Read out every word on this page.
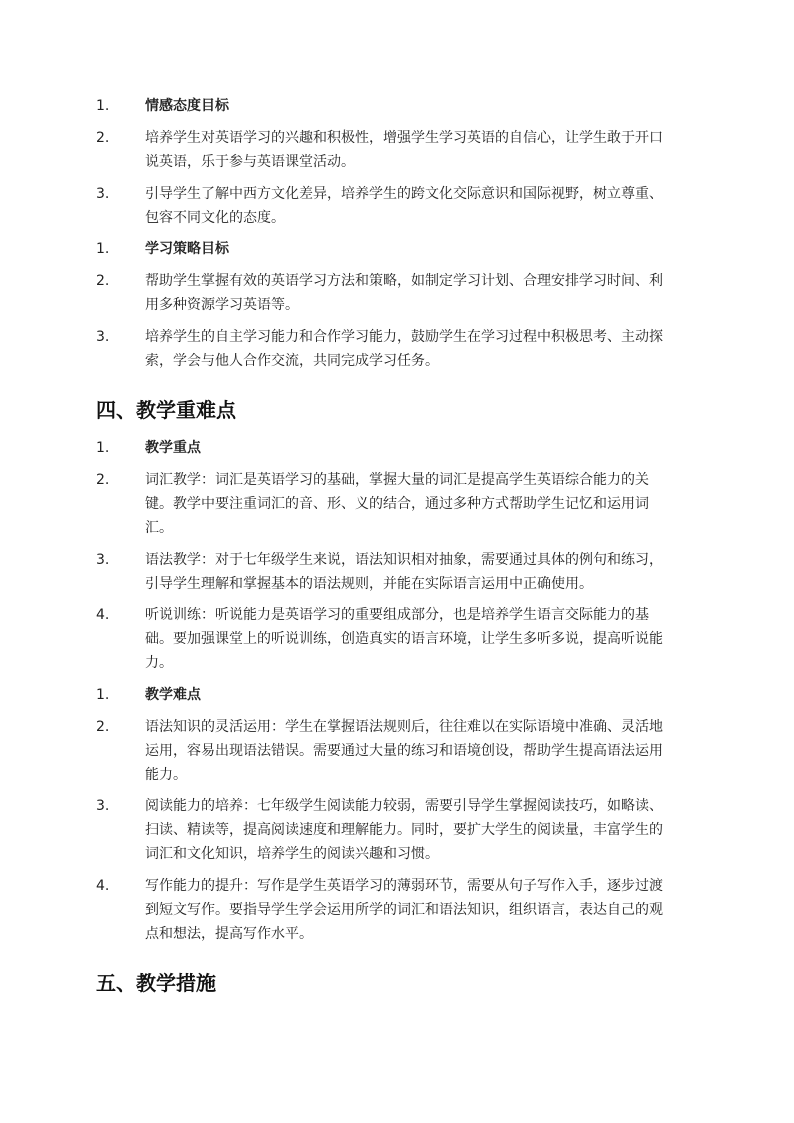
1.	情感态度目标
2.	培养学生对英语学习的兴趣和积极性，增强学生学习英语的自信心，让学生敢于开口
说英语，乐于参与英语课堂活动。
3.	引导学生了解中西方文化差异，培养学生的跨文化交际意识和国际视野，树立尊重、
包容不同文化的态度。
1.	学习策略目标
2.	帮助学生掌握有效的英语学习方法和策略，如制定学习计划、合理安排学习时间、利
用多种资源学习英语等。
3.	培养学生的自主学习能力和合作学习能力，鼓励学生在学习过程中积极思考、主动探
索，学会与他人合作交流，共同完成学习任务。
四、教学重难点
1.	教学重点
2.	词汇教学：词汇是英语学习的基础，掌握大量的词汇是提高学生英语综合能力的关
键。教学中要注重词汇的音、形、义的结合，通过多种方式帮助学生记忆和运用词
汇。
3.	语法教学：对于七年级学生来说，语法知识相对抽象，需要通过具体的例句和练习，
引导学生理解和掌握基本的语法规则，并能在实际语言运用中正确使用。
4.	听说训练：听说能力是英语学习的重要组成部分，也是培养学生语言交际能力的基
础。要加强课堂上的听说训练，创造真实的语言环境，让学生多听多说，提高听说能
力。
1.	教学难点
2.	语法知识的灵活运用：学生在掌握语法规则后，往往难以在实际语境中准确、灵活地
运用，容易出现语法错误。需要通过大量的练习和语境创设，帮助学生提高语法运用
能力。
3.	阅读能力的培养：七年级学生阅读能力较弱，需要引导学生掌握阅读技巧，如略读、
扫读、精读等，提高阅读速度和理解能力。同时，要扩大学生的阅读量，丰富学生的
词汇和文化知识，培养学生的阅读兴趣和习惯。
4.	写作能力的提升：写作是学生英语学习的薄弱环节，需要从句子写作入手，逐步过渡
到短文写作。要指导学生学会运用所学的词汇和语法知识，组织语言，表达自己的观
点和想法，提高写作水平。
五、教学措施
